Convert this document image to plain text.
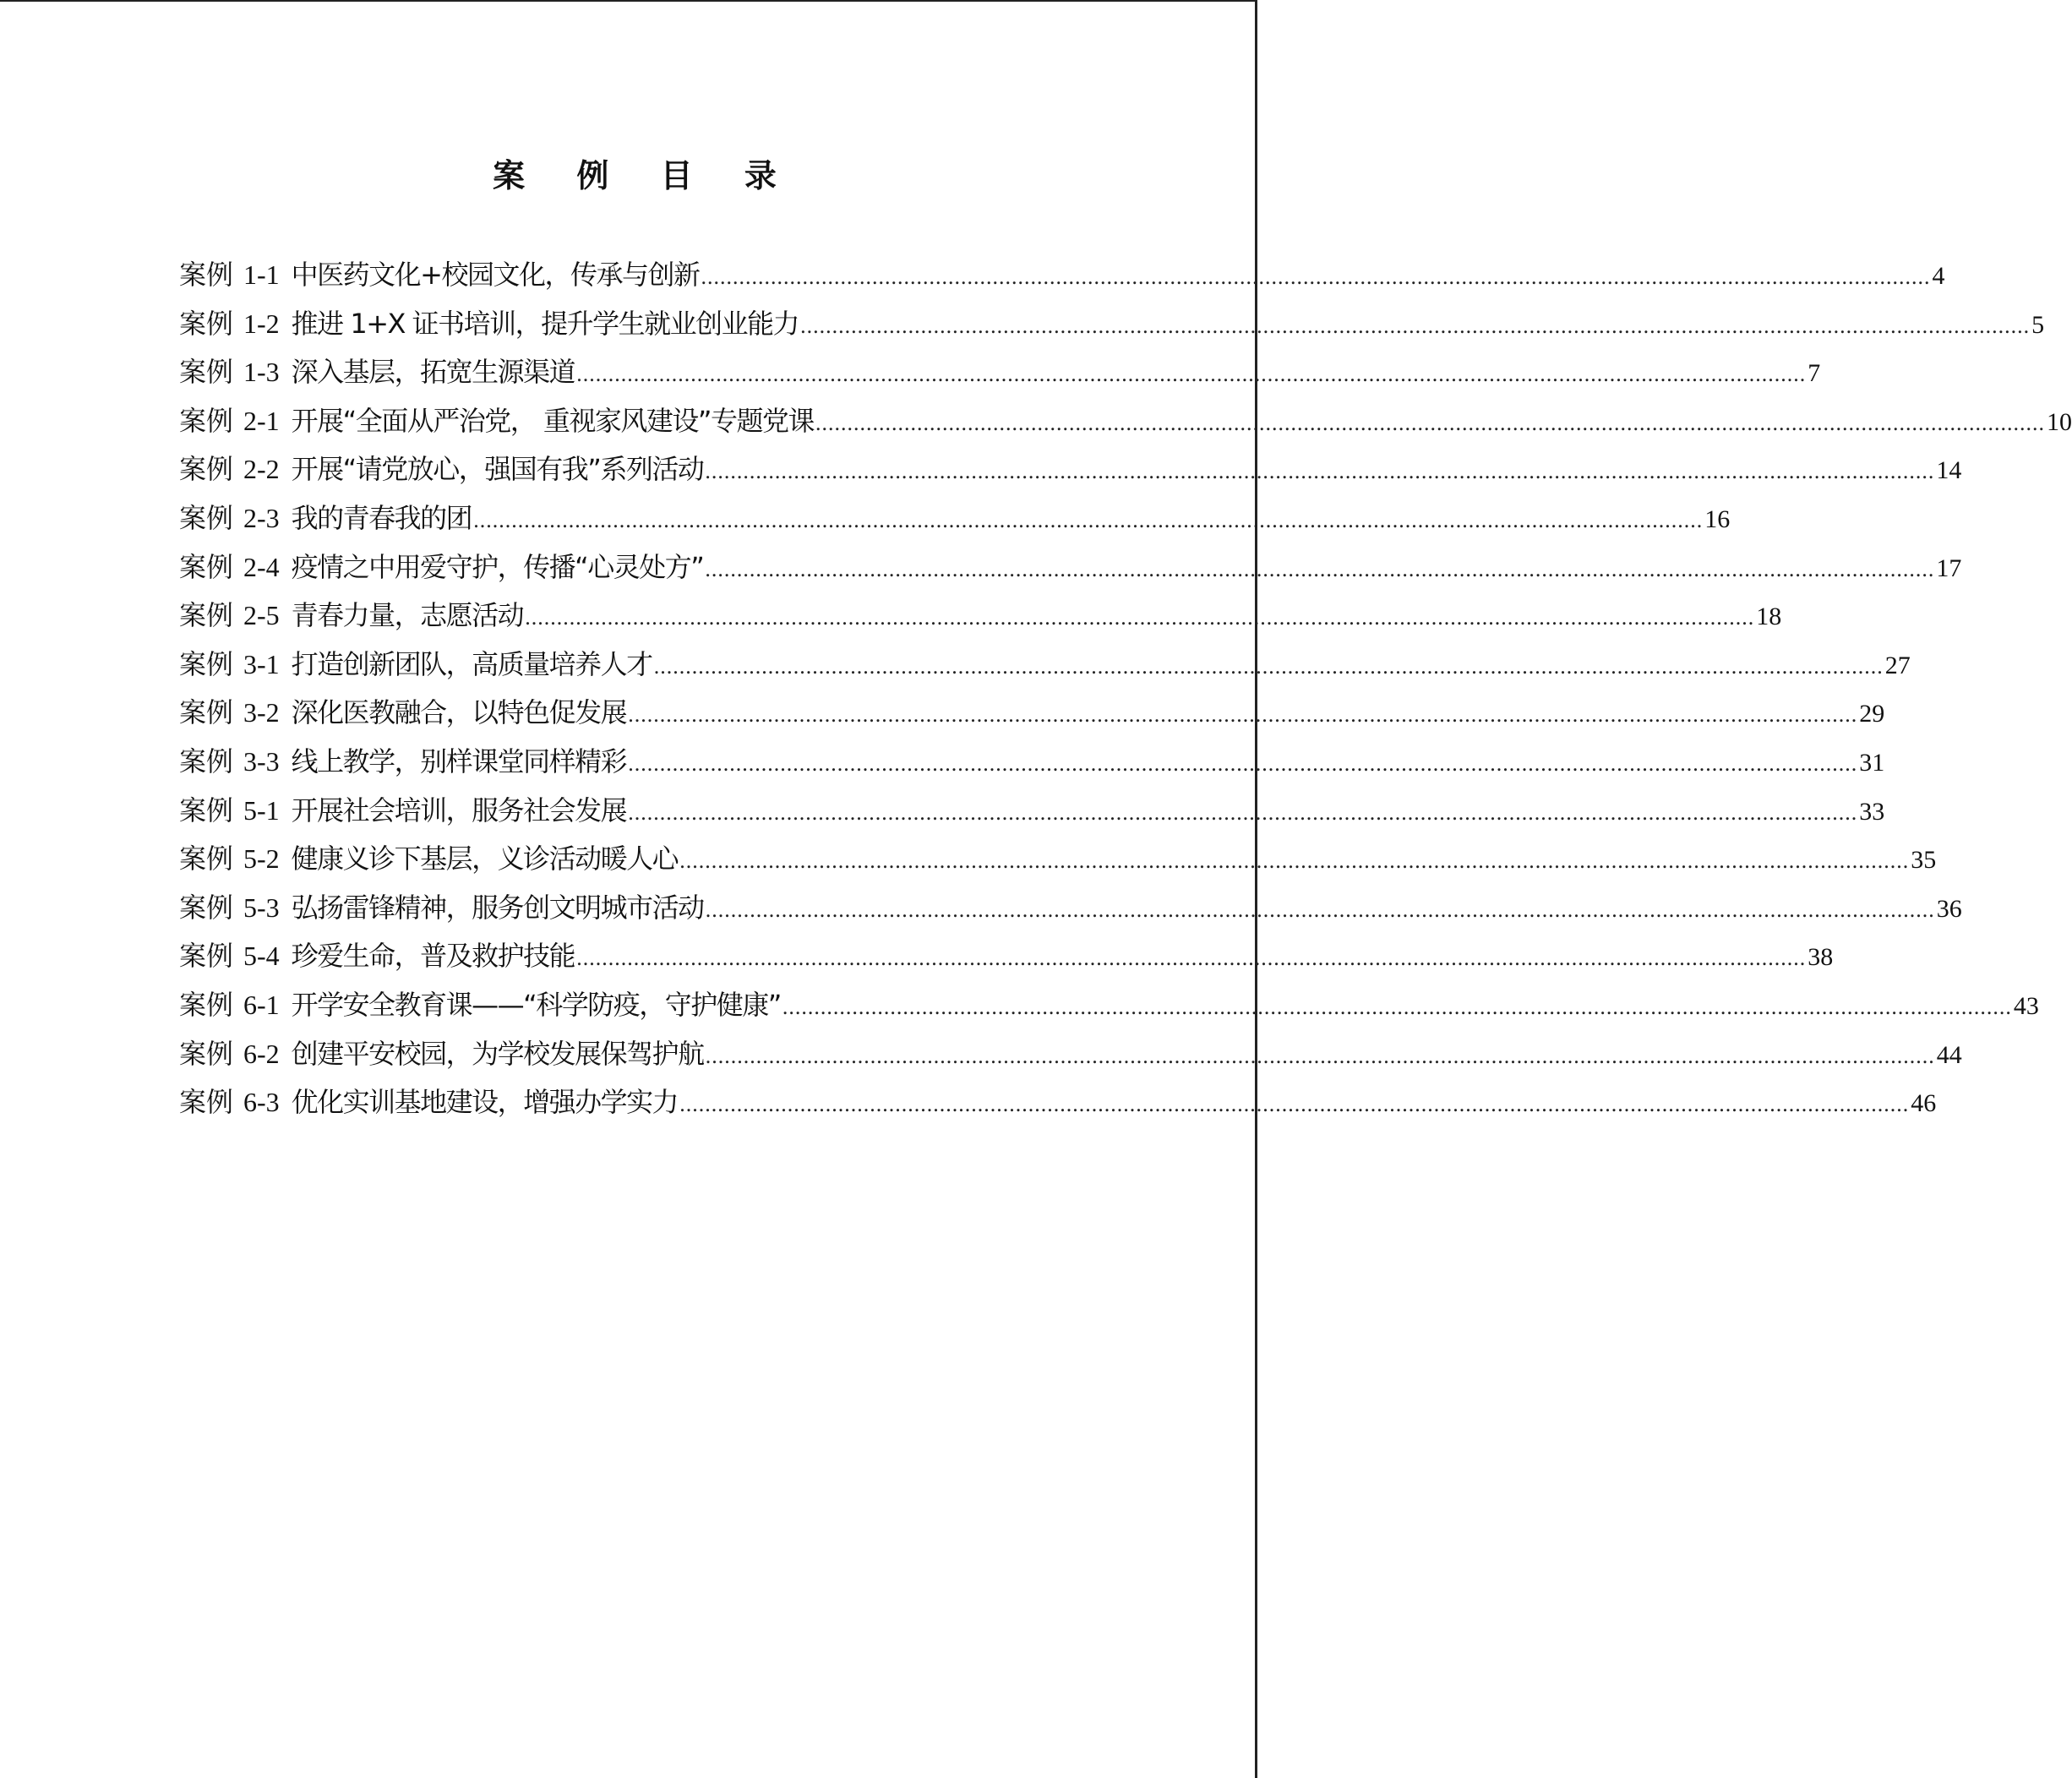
案 例 目 录
案例 1-1 中医药文化+校园文化，传承与创新 .....	4
案例 1-2 推进 1+X 证书培训，提升学生就业创业能力 .....	5
案例 1-3 深入基层，拓宽生源渠道 .....	7
案例 2-1 开展“全面从严治党， 重视家风建设”专题党课 .....	10
案例 2-2 开展“请党放心，强国有我”系列活动 .....	14
案例 2-3 我的青春我的团 .....	16
案例 2-4 疫情之中用爱守护，传播“心灵处方” .....	17
案例 2-5 青春力量，志愿活动 .....	18
案例 3-1 打造创新团队，高质量培养人才 .....	27
案例 3-2 深化医教融合，以特色促发展 .....	29
案例 3-3 线上教学，别样课堂同样精彩 .....	31
案例 5-1 开展社会培训，服务社会发展 .....	33
案例 5-2 健康义诊下基层，义诊活动暖人心 .....	35
案例 5-3 弘扬雷锋精神，服务创文明城市活动 .....	36
案例 5-4 珍爱生命，普及救护技能 .....	38
案例 6-1 开学安全教育课——“科学防疫，守护健康” .....	43
案例 6-2 创建平安校园，为学校发展保驾护航 .....	44
案例 6-3 优化实训基地建设，增强办学实力 .....	46
